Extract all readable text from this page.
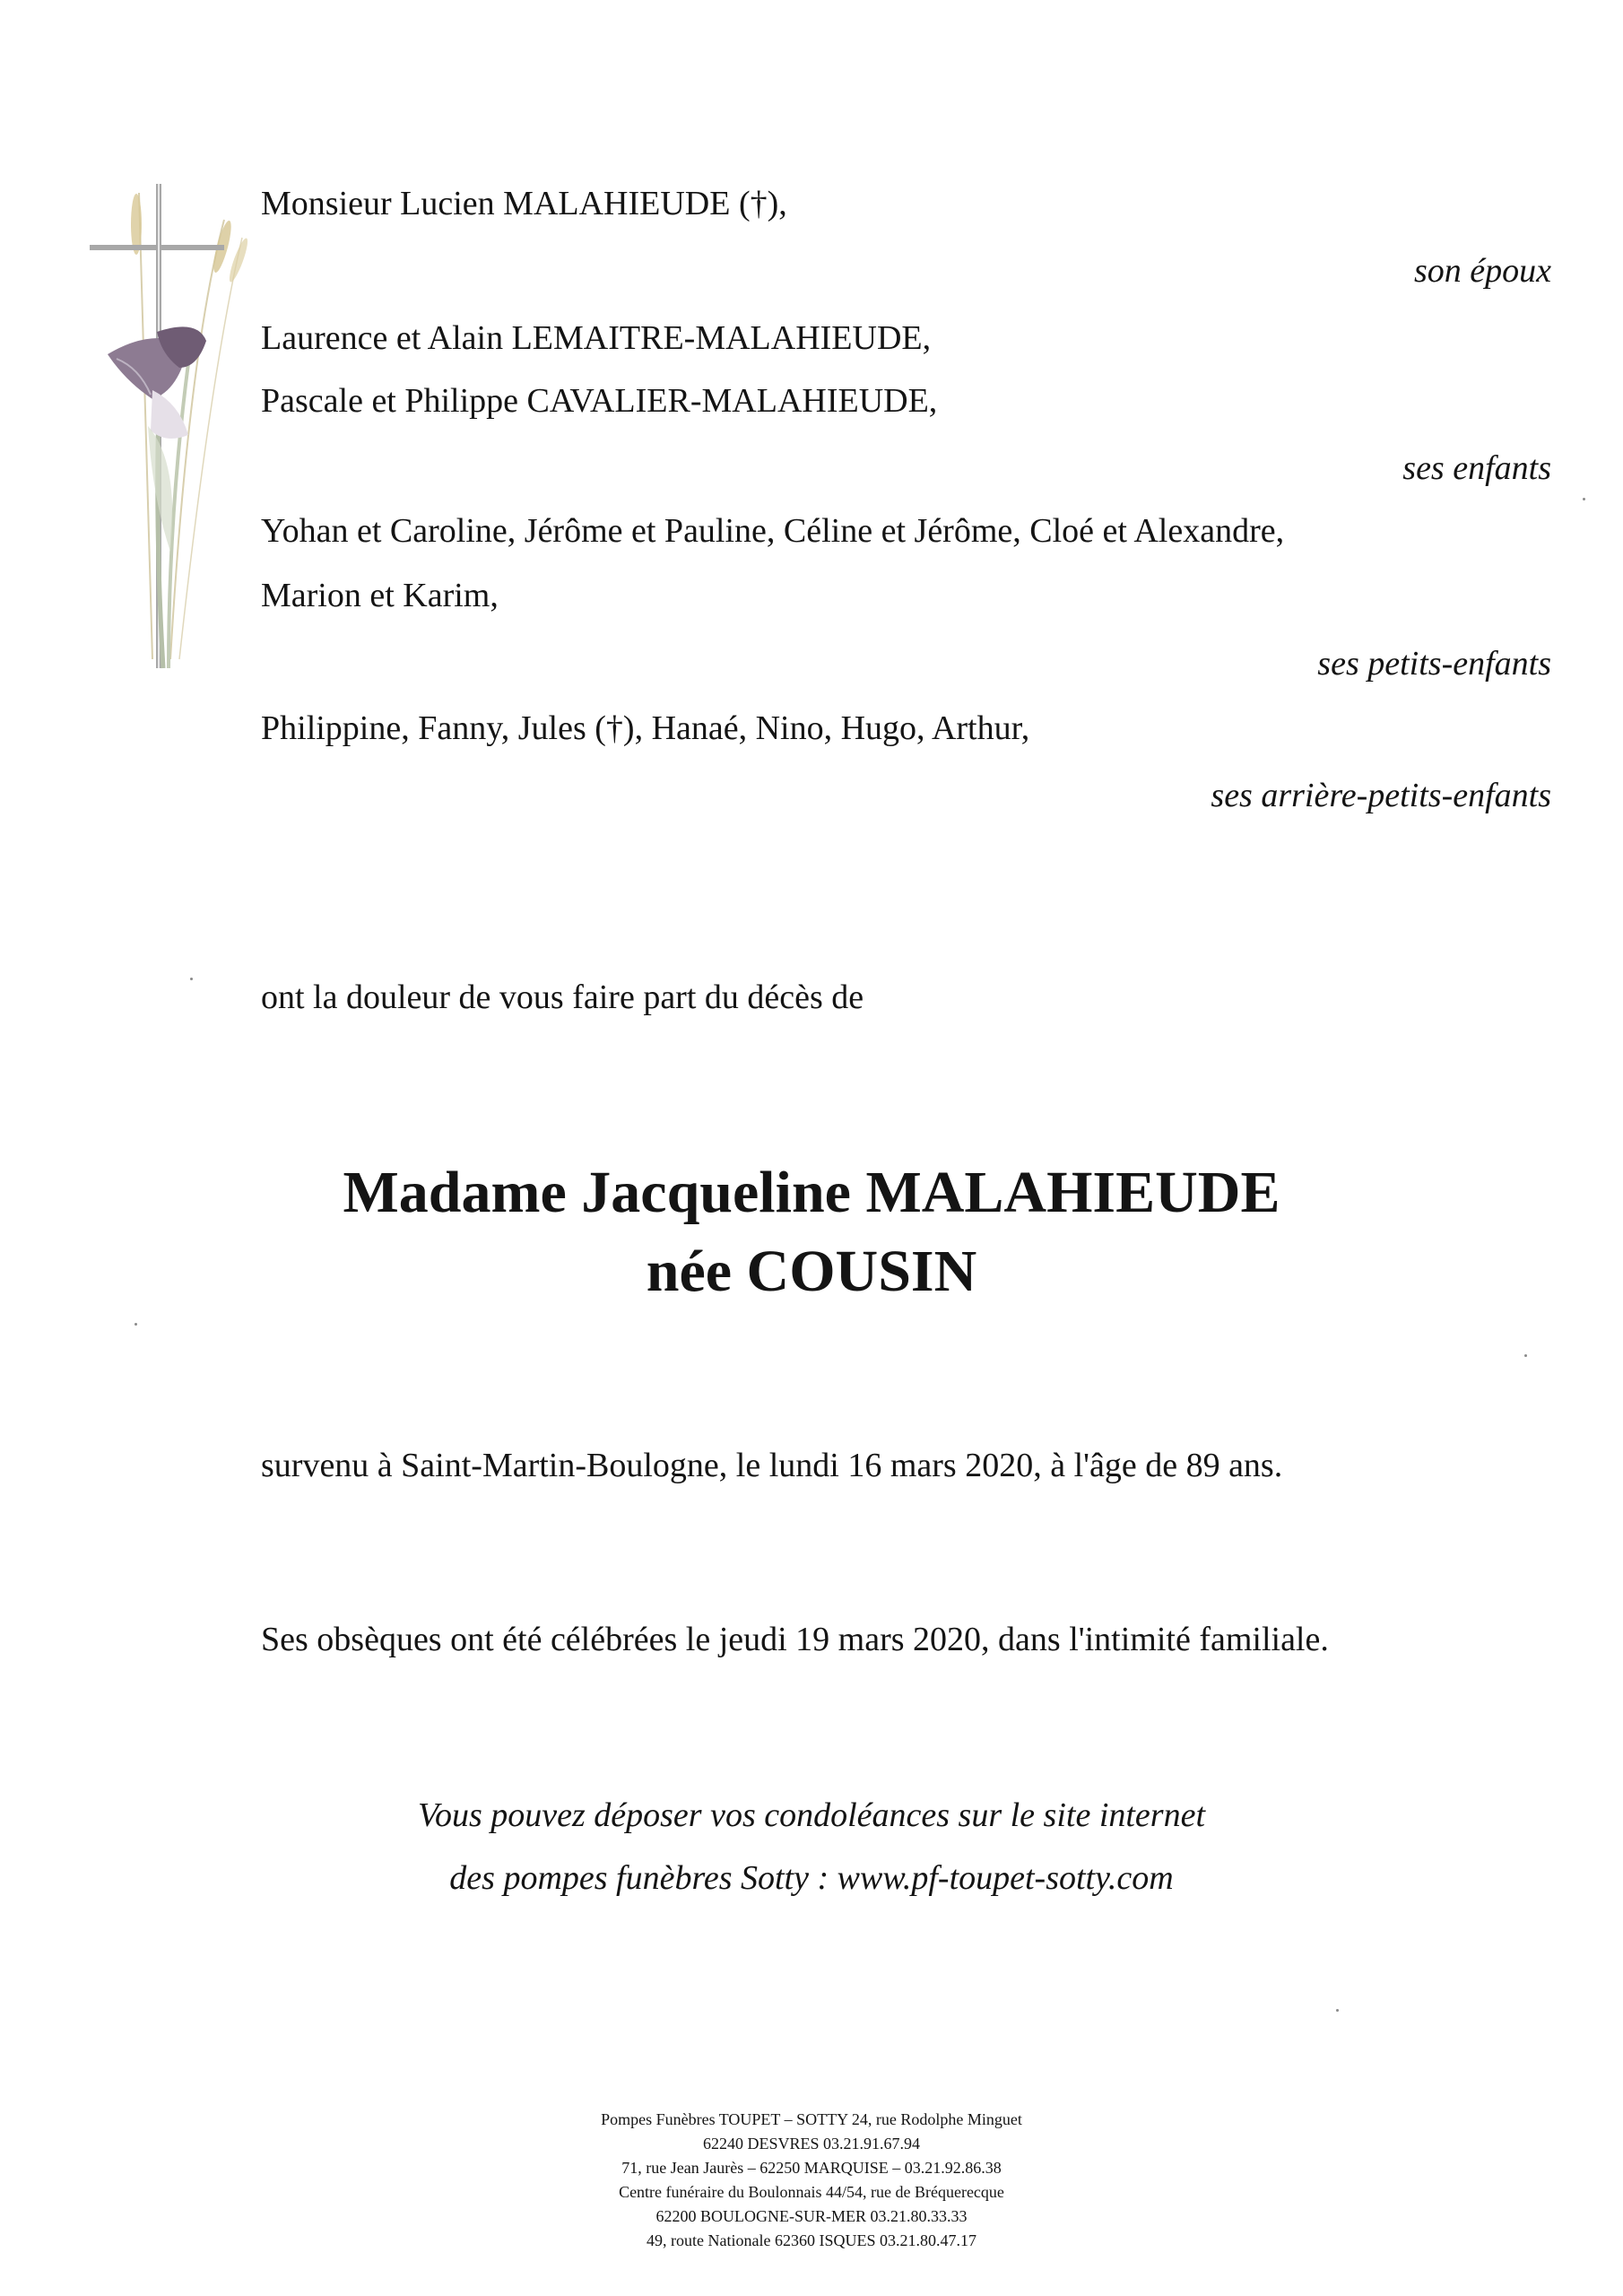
Monsieur Lucien MALAHIEUDE (†),
son époux
Laurence et Alain LEMAITRE-MALAHIEUDE,
Pascale et Philippe CAVALIER-MALAHIEUDE,
ses enfants
Yohan et Caroline, Jérôme et Pauline, Céline et Jérôme, Cloé et Alexandre,
Marion et Karim,
ses petits-enfants
Philippine, Fanny, Jules (†), Hanaé, Nino, Hugo, Arthur,
ses arrière-petits-enfants
ont la douleur de vous faire part du décès de
Madame Jacqueline MALAHIEUDE
née COUSIN
survenu à Saint-Martin-Boulogne, le lundi 16 mars 2020, à l'âge de 89 ans.
Ses obsèques ont été célébrées le jeudi 19 mars 2020, dans l'intimité familiale.
Vous pouvez déposer vos condoléances sur le site internet
des pompes funèbres Sotty : www.pf-toupet-sotty.com
Pompes Funèbres TOUPET – SOTTY 24, rue Rodolphe Minguet
62240 DESVRES 03.21.91.67.94
71, rue Jean Jaurès – 62250 MARQUISE – 03.21.92.86.38
Centre funéraire du Boulonnais 44/54, rue de Bréquerecque
62200 BOULOGNE-SUR-MER 03.21.80.33.33
49, route Nationale 62360 ISQUES 03.21.80.47.17
